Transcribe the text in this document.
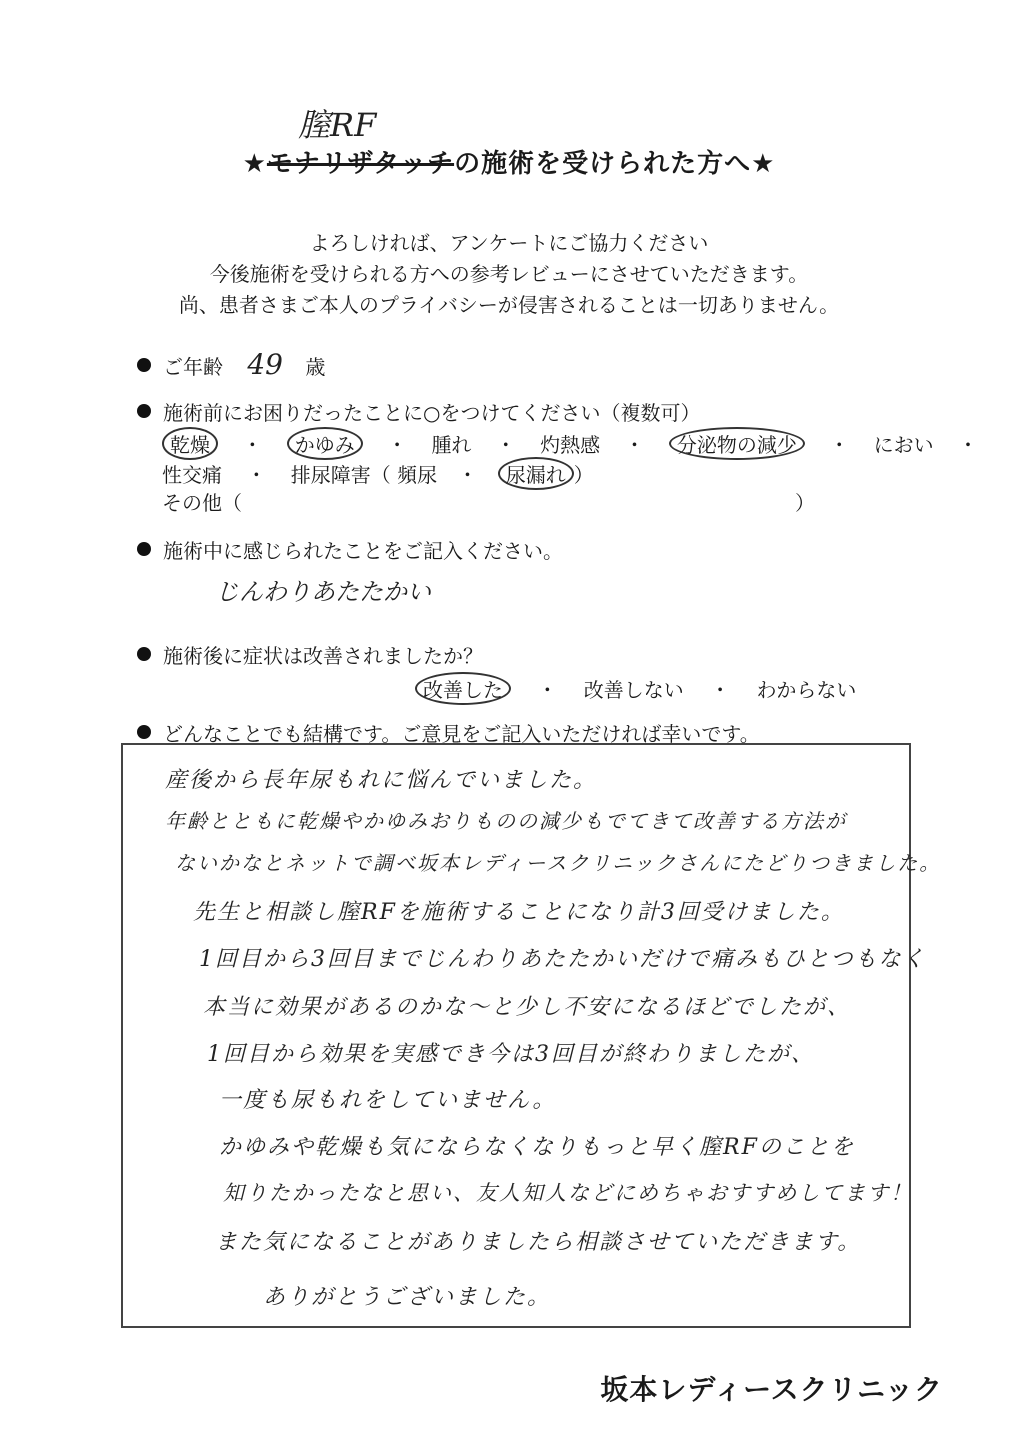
膣RF
★モナリザタッチの施術を受けられた方へ★
よろしければ、アンケートにご協力ください
今後施術を受けられる方への参考レビューにさせていただきます。
尚、患者さまご本人のプライバシーが侵害されることは一切ありません。
ご年齢 49 歳
施術前にお困りだったことに○をつけてください（複数可）
乾燥 ・ かゆみ ・ 腫れ ・ 灼熱感 ・ 分泌物の減少 ・ におい ・
性交痛 ・ 排尿障害（ 頻尿 ・ 尿漏れ ）
その他（	）
施術中に感じられたことをご記入ください。
じんわりあたたかい
施術後に症状は改善されましたか？
改善した ・ 改善しない ・ わからない
どんなことでも結構です。ご意見をご記入いただければ幸いです。
産後から長年尿もれに悩んでいました。
年齢とともに乾燥やかゆみおりものの減少もでてきて改善する方法が
ないかなとネットで調べ坂本レディースクリニックさんにたどりつきました。
先生と相談し膣RFを施術することになり計3回受けました。
1回目から3回目までじんわりあたたかいだけで痛みもひとつもなく
本当に効果があるのかな～と少し不安になるほどでしたが、
1回目から効果を実感でき今は3回目が終わりましたが、
一度も尿もれをしていません。
かゆみや乾燥も気にならなくなりもっと早く膣RFのことを
知りたかったなと思い、友人知人などにめちゃおすすめしてます！
また気になることがありましたら相談させていただきます。
ありがとうございました。
坂本レディースクリニック
